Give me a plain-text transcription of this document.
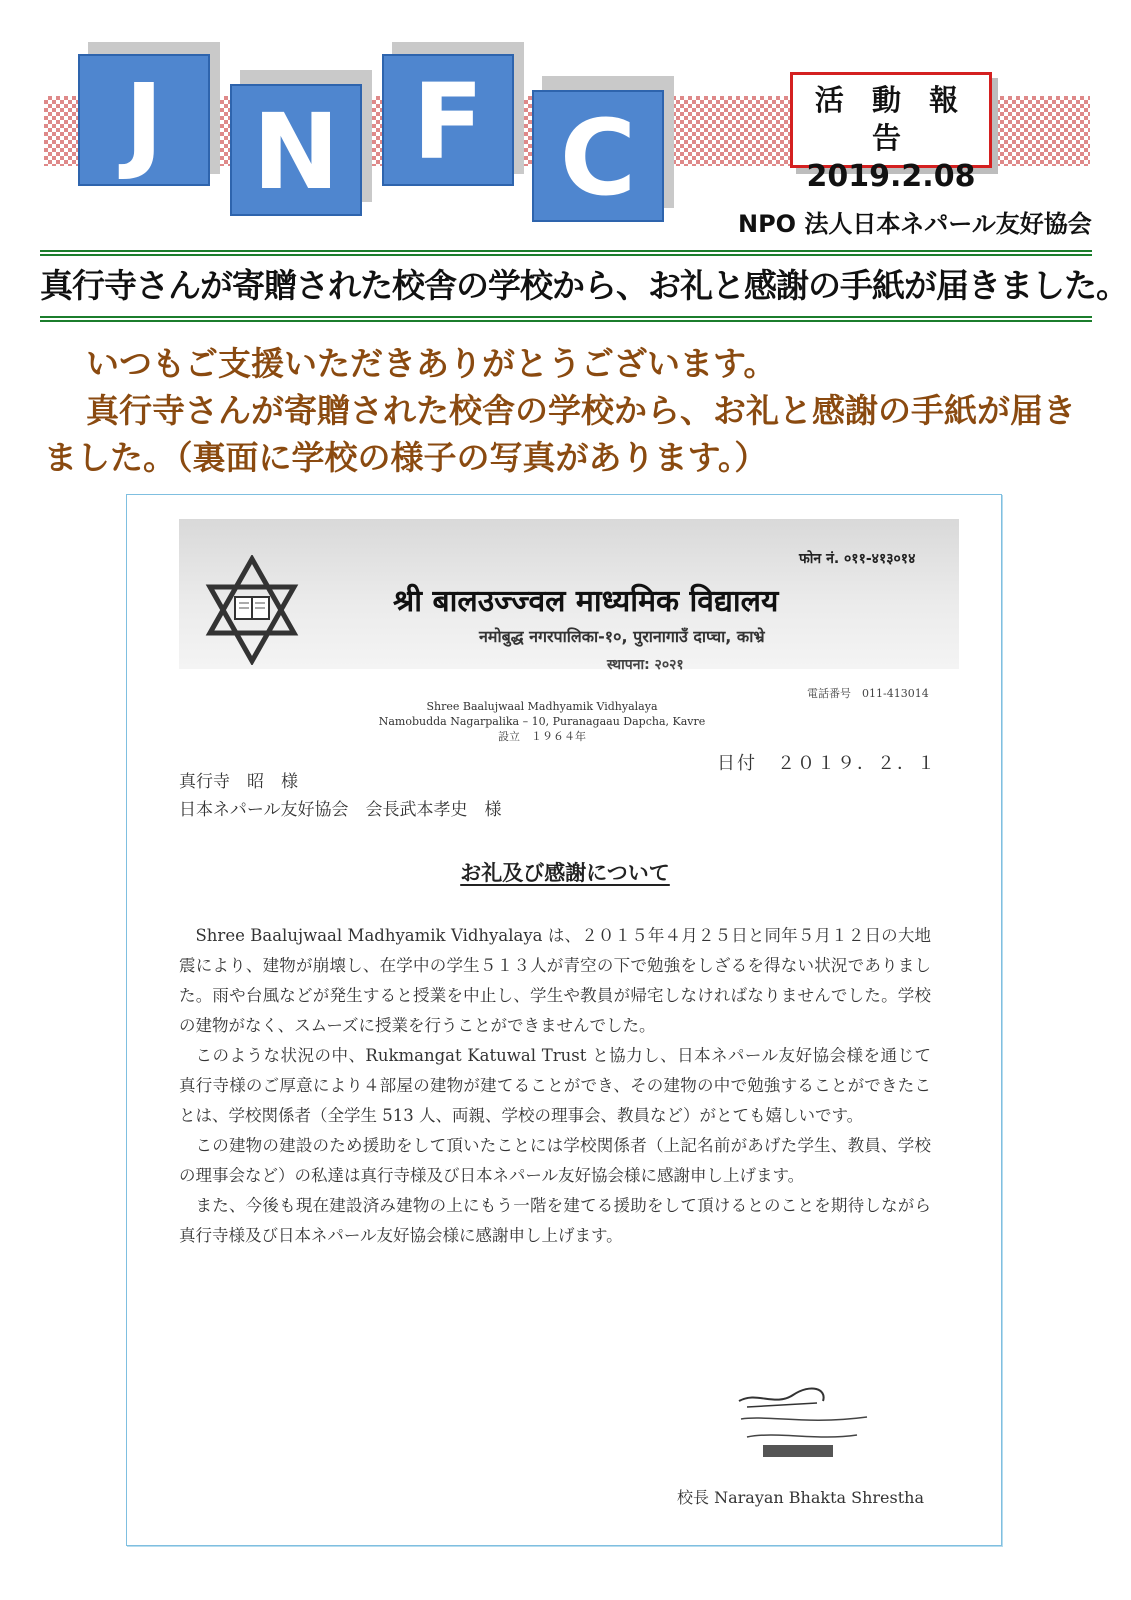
J N F C	活 動 報 告
2019.2.08
NPO 法人日本ネパール友好協会
真行寺さんが寄贈された校舎の学校から、お礼と感謝の手紙が届きました。

いつもご支援いただきありがとうございます。

真行寺さんが寄贈された校舎の学校から、お礼と感謝の手紙が届きました。（裏面に学校の様子の写真があります。）

फोन नं. ०११-४१३०१४
श्री बालउज्ज्वल माध्यमिक विद्यालय
नमोबुद्ध नगरपालिका-१०, पुरानागाउँ दाप्चा, काभ्रे
स्थापना: २०२१
電話番号　011-413014
Shree Baalujwaal Madhyamik Vidhyalaya
Namobudda Nagarpalika – 10, Puranagaau Dapcha, Kavre
設立　１９６４年
日付　２０１９．２．１
真行寺　昭　様
日本ネパール友好協会　会長武本孝史　様
お礼及び感謝について

Shree Baalujwaal Madhyamik Vidhyalaya は、２０１５年４月２５日と同年５月１２日の大地震により、建物が崩壊し、在学中の学生５１３人が青空の下で勉強をしざるを得ない状況でありました。雨や台風などが発生すると授業を中止し、学生や教員が帰宅しなければなりませんでした。学校の建物がなく、スムーズに授業を行うことができませんでした。

このような状況の中、Rukmangat Katuwal Trust と協力し、日本ネパール友好協会様を通じて真行寺様のご厚意により４部屋の建物が建てることができ、その建物の中で勉強することができたことは、学校関係者（全学生 513 人、両親、学校の理事会、教員など）がとても嬉しいです。

この建物の建設のため援助をして頂いたことには学校関係者（上記名前があげた学生、教員、学校の理事会など）の私達は真行寺様及び日本ネパール友好協会様に感謝申し上げます。

また、今後も現在建設済み建物の上にもう一階を建てる援助をして頂けるとのことを期待しながら真行寺様及び日本ネパール友好協会様に感謝申し上げます。

校長 Narayan Bhakta Shrestha
